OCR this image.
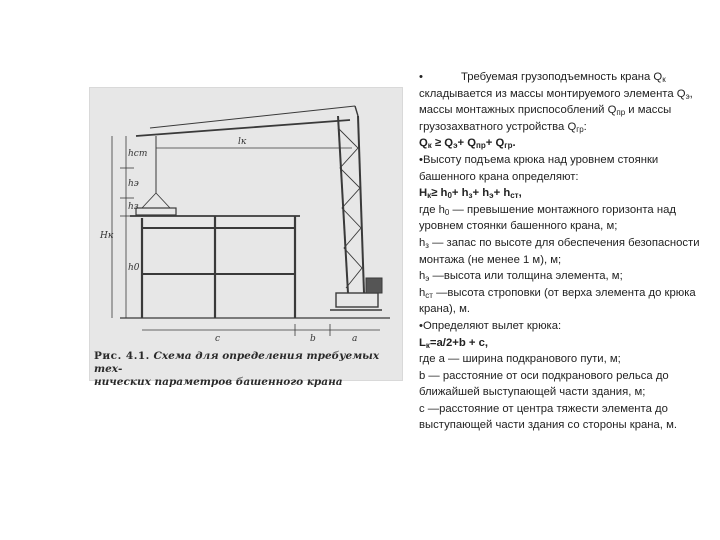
lк
hст
hэ
hз
h0
Hк
c	b	a
Рис. 4.1. Схема для определения требуемых тех-
нических параметров башенного крана

•	Требуемая грузоподъемность крана $Q_к$ складывается из массы монтируемого элемента $Q_э$, массы монтажных приспособлений $Q_{пр}$ и массы грузозахватного устройства $Q_{гр}$:

$Q_к \ge Q_э+ Q_{пр}+ Q_{гр}$.

•Высоту подъема крюка над уровнем стоянки башенного крана определяют:

$H_к\ge h_0+ h_з+ h_э+ h_{ст}$,

где $h_0$ — превышение монтажного горизонта над уровнем стоянки башенного крана, м;

$h_з$ — запас по высоте для обеспечения безопасности монтажа (не менее 1 м), м;

$h_э$ —высота или толщина элемента, м;

$h_{ст}$ —высота строповки (от верха элемента до крюка крана), м.

•Определяют вылет крюка:

$L_к=a/2+b + c$,

где а — ширина подкранового пути, м;

b — расстояние от оси подкранового рельса до ближайшей выступающей части здания, м;

с —расстояние от центра тяжести элемента до выступающей части здания со стороны крана, м.
